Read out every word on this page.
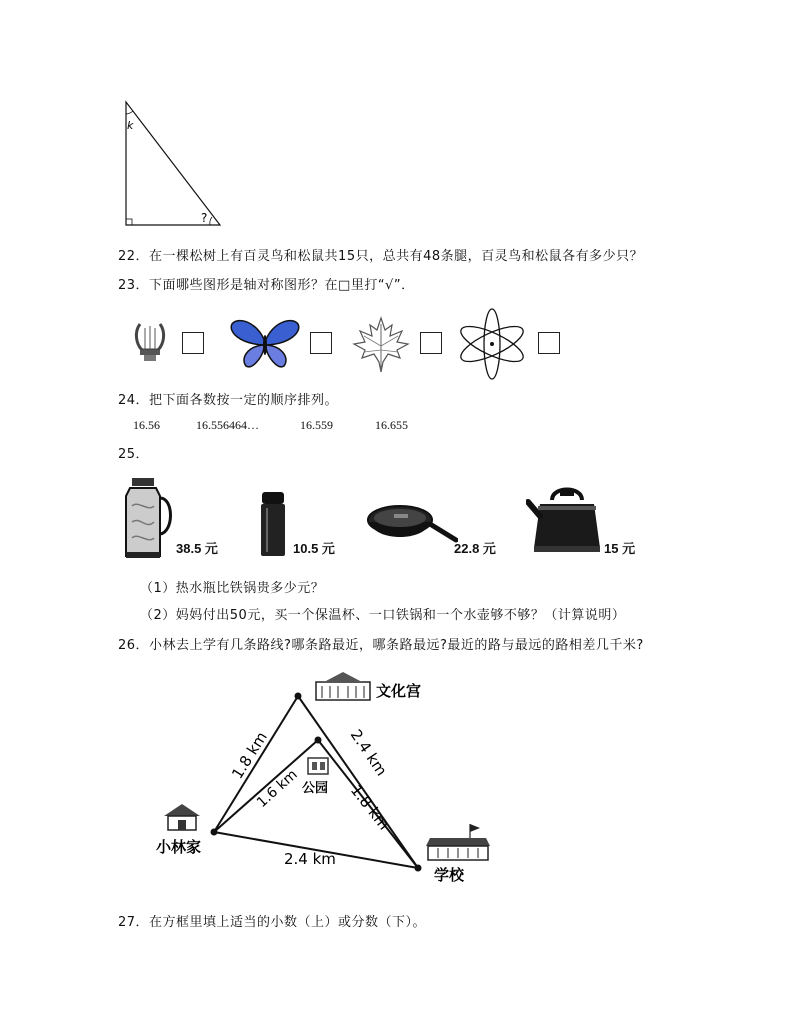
k
?
22．在一棵松树上有百灵鸟和松鼠共15只，总共有48条腿，百灵鸟和松鼠各有多少只？
23．下面哪些图形是轴对称图形？在□里打“√”．
24．把下面各数按一定的顺序排列。
16.56	16.556464…	16.559	16.655
25．
38.5 元	10.5 元	22.8 元	15 元
（1）热水瓶比铁锅贵多少元？
（2）妈妈付出50元，买一个保温杯、一口铁锅和一个水壶够不够？（计算说明）
26．小林去上学有几条路线?哪条路最近，哪条路最远?最近的路与最远的路相差几千米?
文化宫
公园
小林家
学校
1.8 km
1.6 km
2.4 km
1.8 km
2.4 km
27．在方框里填上适当的小数（上）或分数（下）。
